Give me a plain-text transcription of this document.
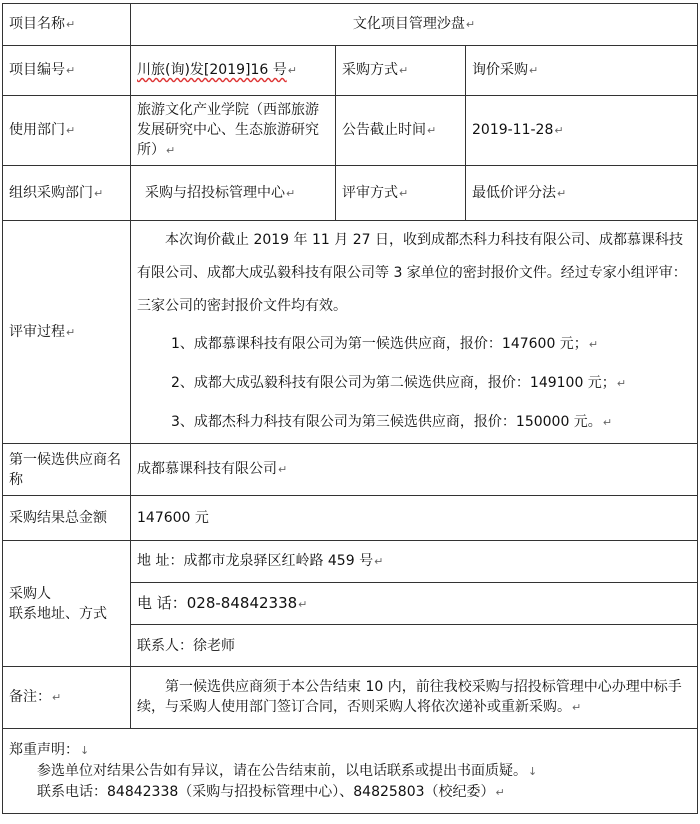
项目名称↵	文化项目管理沙盘↵		
项目编号↵	川旅(询)发[2019]16 号↵	采购方式↵	询价采购↵
使用部门↵	旅游文化产业学院（西部旅游发展研究中心、生态旅游研究所）↵	公告截止时间↵	2019-11-28↵
组织采购部门↵	采购与招投标管理中心↵	评审方式↵	最低价评分法↵
评审过程↵	本次询价截止 2019 年 11 月 27 日，收到成都杰科力科技有限公司、成都慕课科技有限公司、成都大成弘毅科技有限公司等 3 家单位的密封报价文件。经过专家小组评审：三家公司的密封报价文件均有效。
1、成都慕课科技有限公司为第一候选供应商，报价：147600 元；↵
2、成都大成弘毅科技有限公司为第二候选供应商，报价：149100 元；↵
3、成都杰科力科技有限公司为第三候选供应商，报价：150000 元。↵		

第一候选供应商名称	成都慕课科技有限公司↵		
采购结果总金额	147600 元		

采购人
联系地址、方式	地 址：成都市龙泉驿区红岭路 459 号↵		
	电 话：028-84842338↵		
	联系人：徐老师		
备注：↵	第一候选供应商须于本公告结束 10 内，前往我校采购与招投标管理中心办理中标手续，与采购人使用部门签订合同，否则采购人将依次递补或重新采购。↵		

郑重声明：↓
参选单位对结果公告如有异议，请在公告结束前，以电话联系或提出书面质疑。↓
联系电话：84842338（采购与招投标管理中心）、84825803（校纪委）↵			
